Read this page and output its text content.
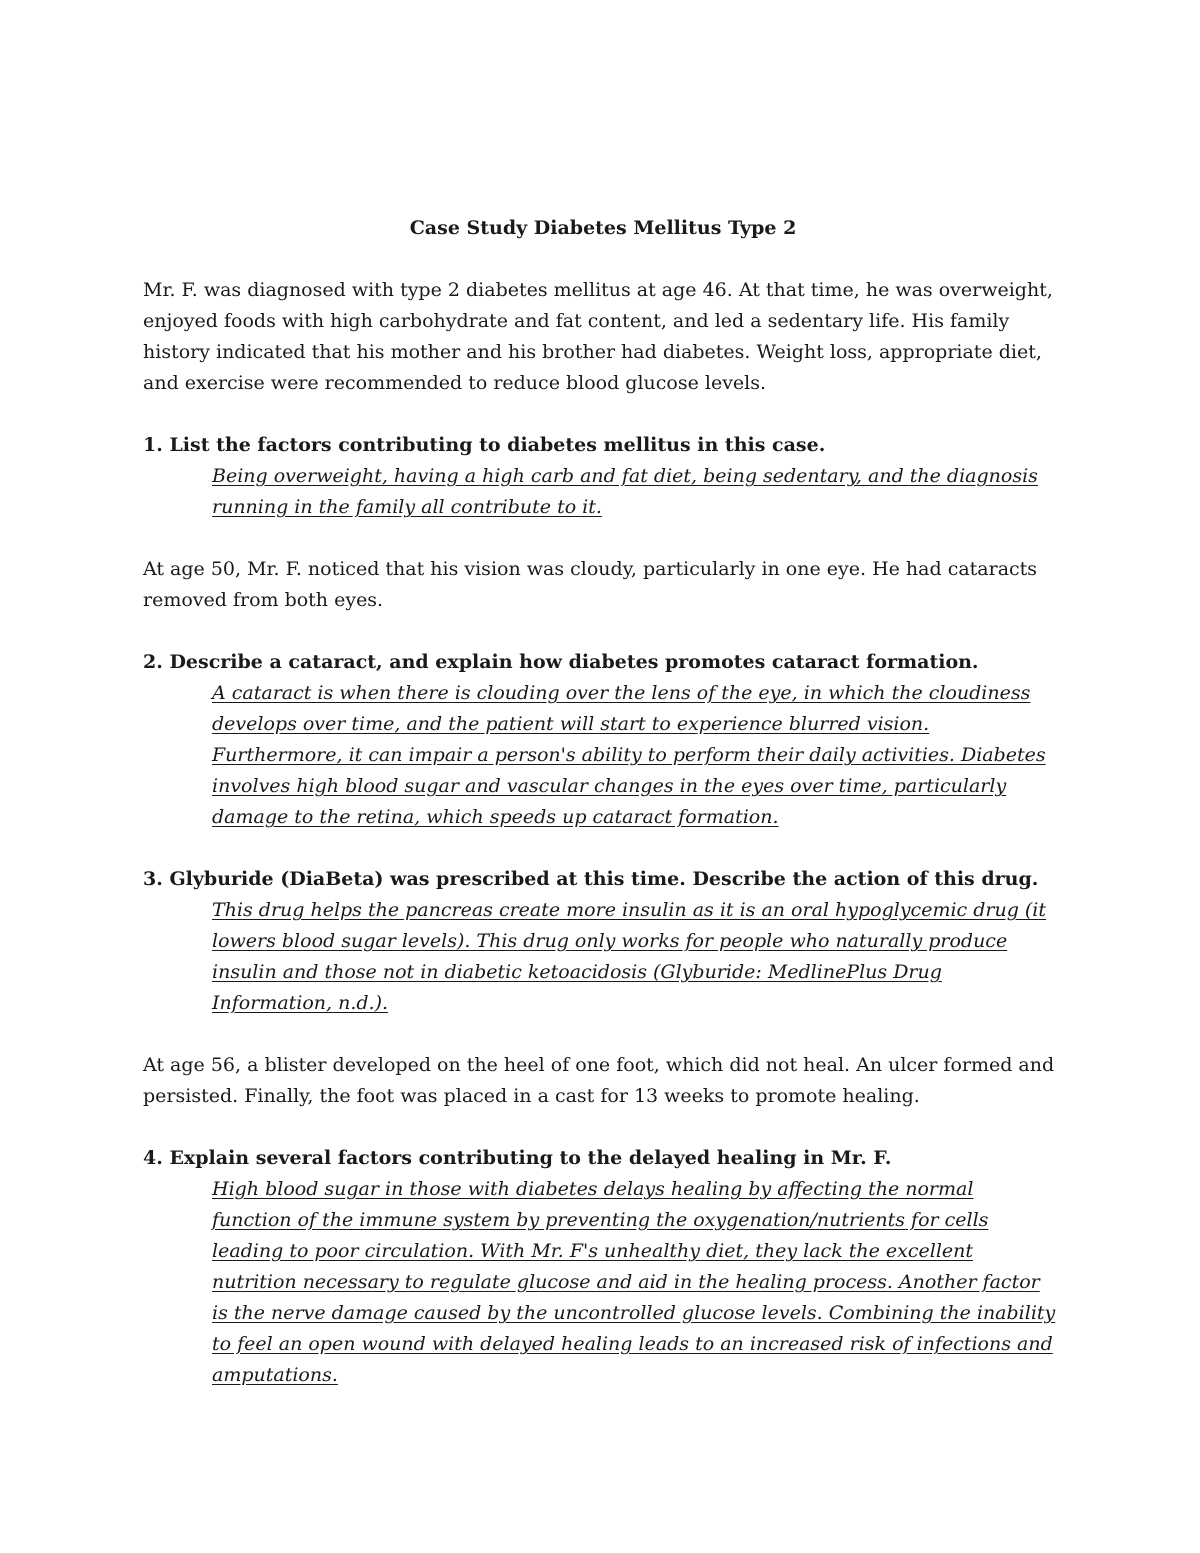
Case Study Diabetes Mellitus Type 2

Mr. F. was diagnosed with type 2 diabetes mellitus at age 46. At that time, he was overweight, enjoyed foods with high carbohydrate and fat content, and led a sedentary life. His family history indicated that his mother and his brother had diabetes. Weight loss, appropriate diet, and exercise were recommended to reduce blood glucose levels.

1. List the factors contributing to diabetes mellitus in this case.

Being overweight, having a high carb and fat diet, being sedentary, and the diagnosis running in the family all contribute to it.

At age 50, Mr. F. noticed that his vision was cloudy, particularly in one eye. He had cataracts removed from both eyes.

2. Describe a cataract, and explain how diabetes promotes cataract formation.

A cataract is when there is clouding over the lens of the eye, in which the cloudiness develops over time, and the patient will start to experience blurred vision. Furthermore, it can impair a person's ability to perform their daily activities. Diabetes involves high blood sugar and vascular changes in the eyes over time, particularly damage to the retina, which speeds up cataract formation.

3. Glyburide (DiaBeta) was prescribed at this time. Describe the action of this drug.

This drug helps the pancreas create more insulin as it is an oral hypoglycemic drug (it lowers blood sugar levels). This drug only works for people who naturally produce insulin and those not in diabetic ketoacidosis (Glyburide: MedlinePlus Drug Information, n.d.).

At age 56, a blister developed on the heel of one foot, which did not heal. An ulcer formed and persisted. Finally, the foot was placed in a cast for 13 weeks to promote healing.

4. Explain several factors contributing to the delayed healing in Mr. F.

High blood sugar in those with diabetes delays healing by affecting the normal function of the immune system by preventing the oxygenation/nutrients for cells leading to poor circulation. With Mr. F's unhealthy diet, they lack the excellent nutrition necessary to regulate glucose and aid in the healing process. Another factor is the nerve damage caused by the uncontrolled glucose levels. Combining the inability to feel an open wound with delayed healing leads to an increased risk of infections and amputations.
